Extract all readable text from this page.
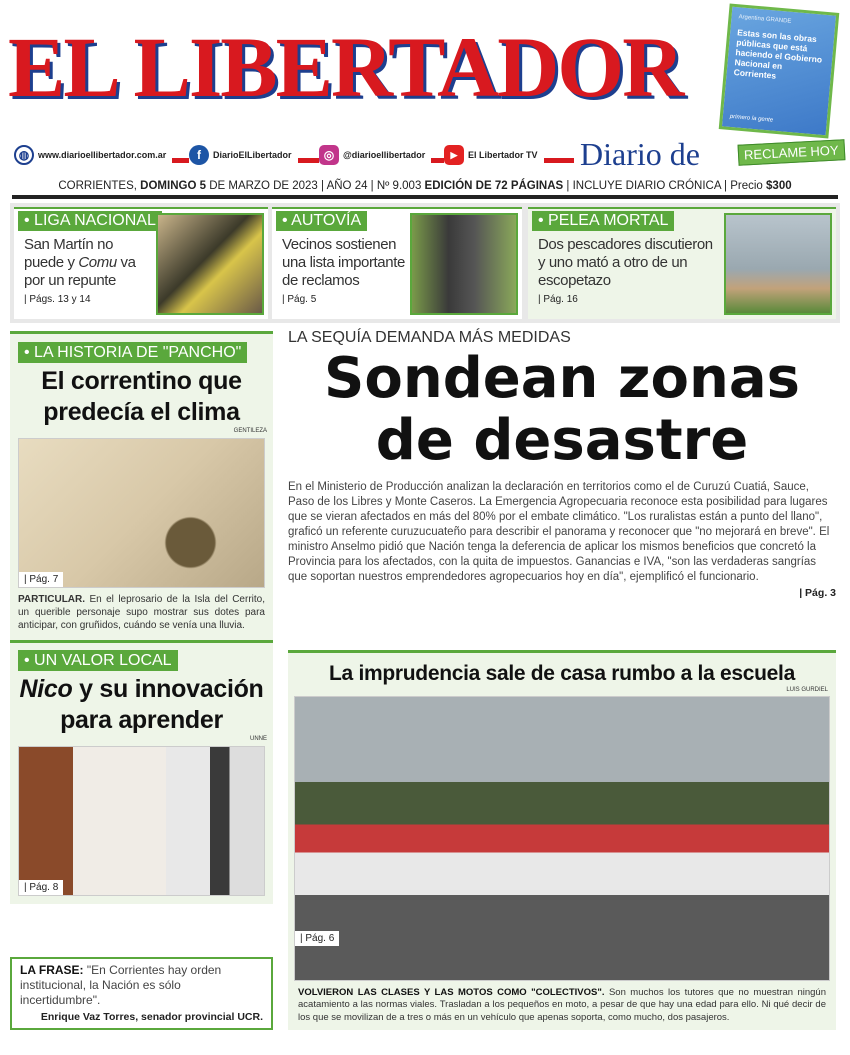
EL LIBERTADOR
Diario de
Argentina GRANDE
Estas son las obras públicas que está haciendo el Gobierno Nacional en Corrientes
primero la gente
RECLAME HOY
◍ www.diarioellibertador.com.ar	f	DiarioElLibertador	◎ @diarioellibertador	▶	El Libertador TV
CORRIENTES, DOMINGO 5 DE MARZO DE 2023 | AÑO 24 | Nº 9.003 EDICIÓN DE 72 PÁGINAS | INCLUYE DIARIO CRÓNICA | Precio $300
• LIGA NACIONAL
San Martín no puede y Comu va por un repunte
| Págs. 13 y 14
• AUTOVÍA
Vecinos sostienen una lista importante de reclamos
| Pág. 5
• PELEA MORTAL
Dos pescadores discutieron y uno mató a otro de un escopetazo
| Pág. 16
• LA HISTORIA DE "PANCHO"
El correntino que predecía el clima
GENTILEZA
| Pág. 7
PARTICULAR. En el leprosario de la Isla del Cerrito, un querible personaje supo mostrar sus dotes para anticipar, con gruñidos, cuándo se venía una lluvia.
• UN VALOR LOCAL
Nico y su innovación para aprender
UNNE
| Pág. 8
LA FRASE: "En Corrientes hay orden institucional, la Nación es sólo incertidumbre".
Enrique Vaz Torres, senador provincial UCR.
LA SEQUÍA DEMANDA MÁS MEDIDAS
Sondean zonas de desastre
En el Ministerio de Producción analizan la declaración en territorios como el de Curuzú Cuatiá, Sauce, Paso de los Libres y Monte Caseros. La Emergencia Agropecuaria reconoce esta posibilidad para lugares que se vieran afectados en más del 80% por el embate climático. "Los ruralistas están a punto del llano", graficó un referente curuzucuateño para describir el panorama y reconocer que "no mejorará en breve". El ministro Anselmo pidió que Nación tenga la deferencia de aplicar los mismos beneficios que concretó la Provincia para los afectados, con la quita de impuestos. Ganancias e IVA, "son las verdaderas sangrías que soportan nuestros emprendedores agropecuarios hoy en día", ejemplificó el funcionario.
| Pág. 3
La imprudencia sale de casa rumbo a la escuela
LUIS GURDIEL
| Pág. 6
VOLVIERON LAS CLASES Y LAS MOTOS COMO "COLECTIVOS". Son muchos los tutores que no muestran ningún acatamiento a las normas viales. Trasladan a los pequeños en moto, a pesar de que hay una edad para ello. Ni qué decir de los que se movilizan de a tres o más en un vehículo que apenas soporta, como mucho, dos pasajeros.
